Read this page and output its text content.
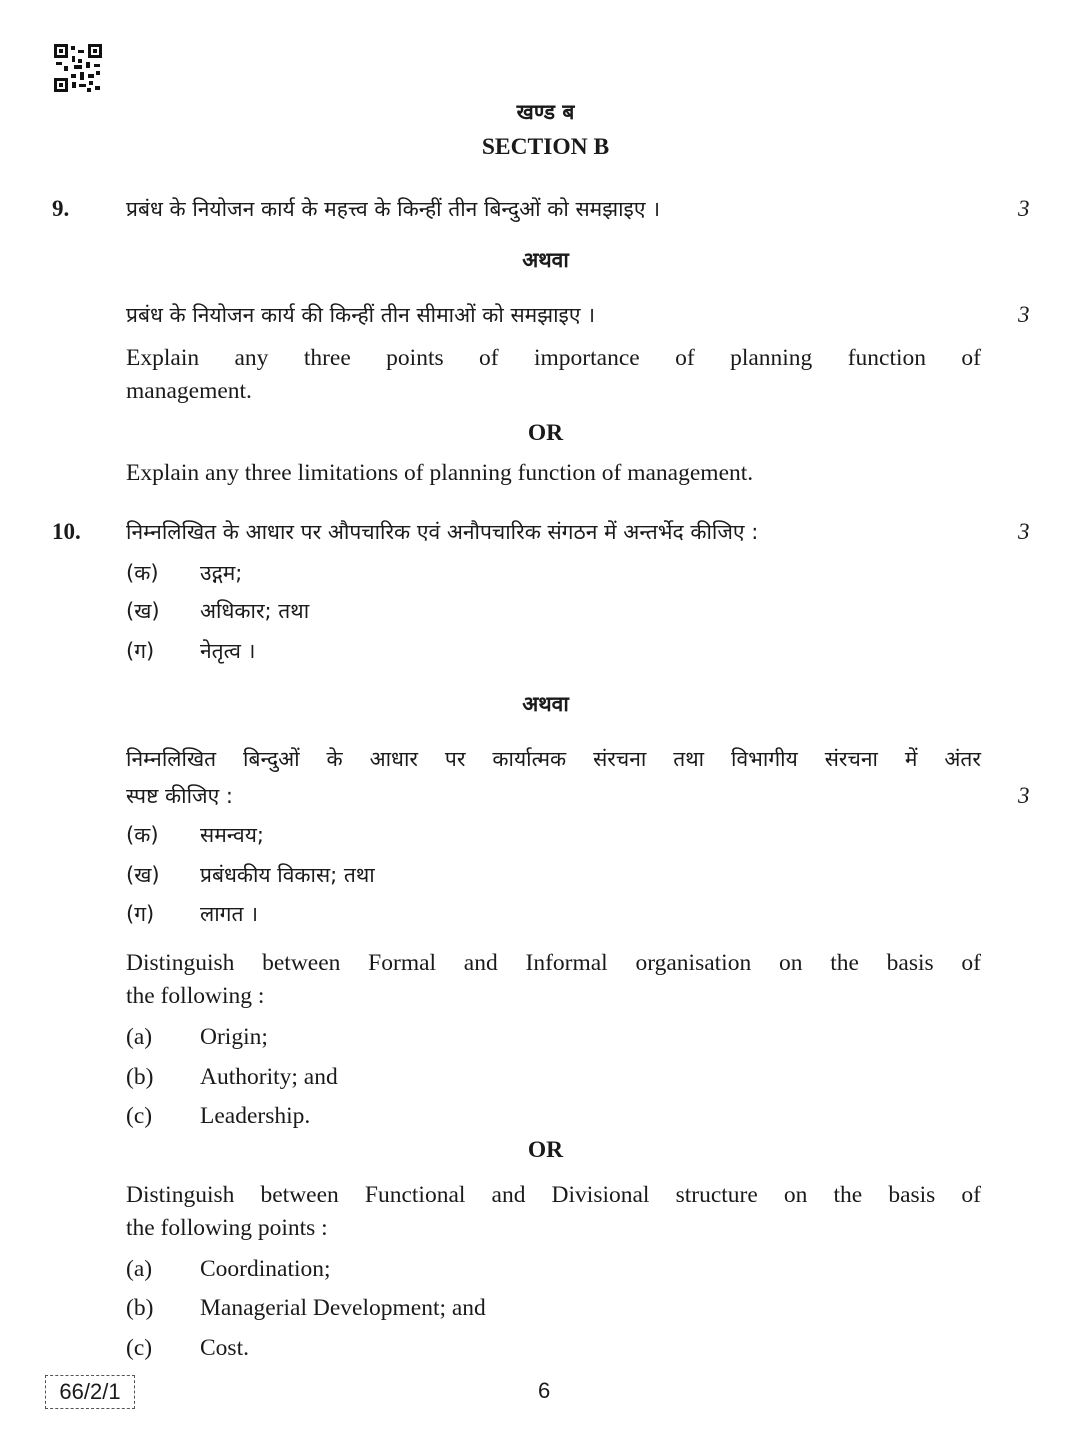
खण्ड ब
SECTION B
9.	प्रबंध के नियोजन कार्य के महत्त्व के किन्हीं तीन बिन्दुओं को समझाइए ।	3
अथवा
प्रबंध के नियोजन कार्य की किन्हीं तीन सीमाओं को समझाइए ।	3
Explain any three points of importance of planning function of
management.
OR
Explain any three limitations of planning function of management.
10. निम्नलिखित के आधार पर औपचारिक एवं अनौपचारिक संगठन में अन्तर्भेद कीजिए :	3
(क) उद्गम;
(ख) अधिकार; तथा
(ग) नेतृत्व ।
अथवा
निम्नलिखित बिन्दुओं के आधार पर कार्यात्मक संरचना तथा विभागीय संरचना में अंतर
स्पष्ट कीजिए :	3
(क) समन्वय;
(ख) प्रबंधकीय विकास; तथा
(ग) लागत ।
Distinguish between Formal and Informal organisation on the basis of
the following :
(a) Origin;
(b) Authority; and
(c) Leadership.
OR
Distinguish between Functional and Divisional structure on the basis of
the following points :
(a) Coordination;
(b) Managerial Development; and
(c) Cost.
66/2/1	6
